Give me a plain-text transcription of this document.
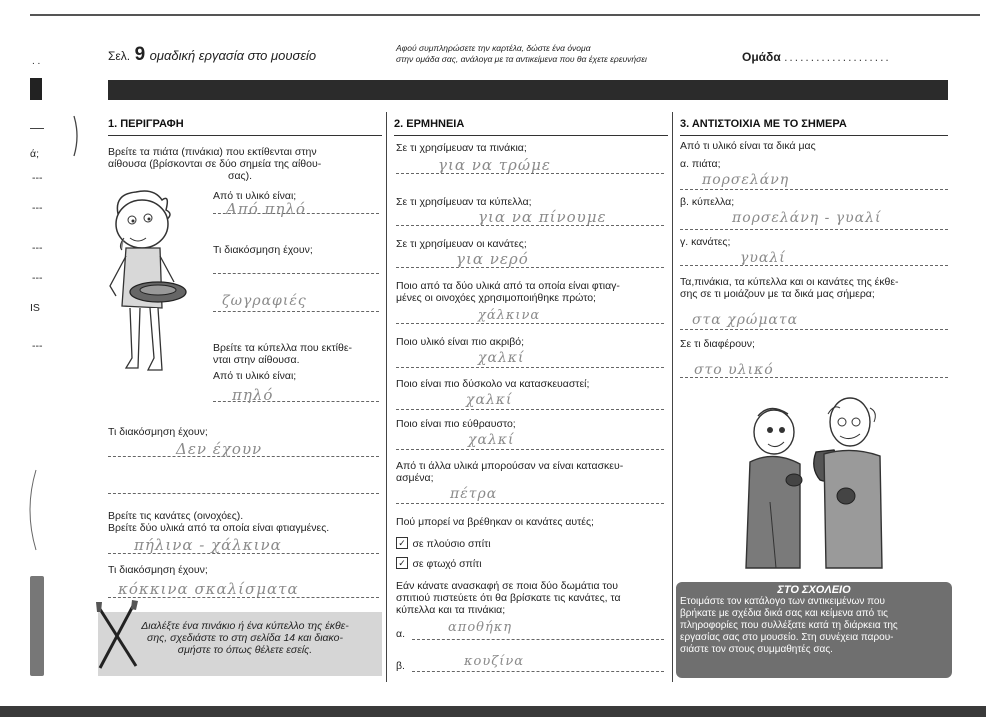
. .
ά;
---
---
---
---
IS
---
Σελ. 9 ομαδική εργασία στο μουσείο	Αφού συμπληρώσετε την καρτέλα, δώστε ένα όνομα
στην ομάδα σας, ανάλογα με τα αντικείμενα που θα έχετε ερευνήσει	Ομάδα ....................
1. ΠΕΡΙΓΡΑΦΗ
Βρείτε τα πιάτα (πινάκια) που εκτίθενται στην
αίθουσα (βρίσκονται σε δύο σημεία της αίθου-
σας).
Από τι υλικό είναι;
Από πηλό
Τι διακόσμηση έχουν;
ζωγραφιές
Βρείτε τα κύπελλα που εκτίθε-
νται στην αίθουσα.
Από τι υλικό είναι;
πηλό
Τι διακόσμηση έχουν;
Δεν έχουν
Βρείτε τις κανάτες (οινοχόες).
Βρείτε δύο υλικά από τα οποία είναι φτιαγμένες.
πήλινα - χάλκινα
Τι διακόσμηση έχουν;
κόκκινα σκαλίσματα
Διαλέξτε ένα πινάκιο ή ένα κύπελλο της έκθε-
σης, σχεδιάστε το στη σελίδα 14 και διακο-
σμήστε το όπως θέλετε εσείς.
2. ΕΡΜΗΝΕΙΑ
Σε τι χρησίμευαν τα πινάκια;
για να τρώμε
Σε τι χρησίμευαν τα κύπελλα;
για να πίνουμε
Σε τι χρησίμευαν οι κανάτες;
για νερό
Ποιο από τα δύο υλικά από τα οποία είναι φτιαγ-
μένες οι οινοχόες χρησιμοποιήθηκε πρώτο;
χάλκινα
Ποιο υλικό είναι πιο ακριβό;
χαλκί
Ποιο είναι πιο δύσκολο να κατασκευαστεί;
χαλκί
Ποιο είναι πιο εύθραυστο;
χαλκί
Από τι άλλα υλικά μπορούσαν να είναι κατασκευ-
ασμένα;
πέτρα
Πού μπορεί να βρέθηκαν οι κανάτες αυτές;
✓ σε πλούσιο σπίτι
✓ σε φτωχό σπίτι
Εάν κάνατε ανασκαφή σε ποια δύο δωμάτια του
σπιτιού πιστεύετε ότι θα βρίσκατε τις κανάτες, τα
κύπελλα και τα πινάκια;
α.	αποθήκη
β.	κουζίνα
3. ΑΝΤΙΣΤΟΙΧΙΑ ΜΕ ΤΟ ΣΗΜΕΡΑ
Από τι υλικό είναι τα δικά μας
α. πιάτα;
πορσελάνη
β. κύπελλα;
πορσελάνη - γυαλί
γ. κανάτες;
γυαλί
Τα,πινάκια, τα κύπελλα και οι κανάτες της έκθε-
σης σε τι μοιάζουν με τα δικά μας σήμερα;
στα χρώματα
Σε τι διαφέρουν;
στο υλικό
ΣΤΟ ΣΧΟΛΕΙΟ
Ετοιμάστε τον κατάλογο των αντικειμένων που
βρήκατε με σχέδια δικά σας και κείμενα από τις
πληροφορίες που συλλέξατε κατά τη διάρκεια της
εργασίας σας στο μουσείο. Στη συνέχεια παρου-
σιάστε τον στους συμμαθητές σας.
